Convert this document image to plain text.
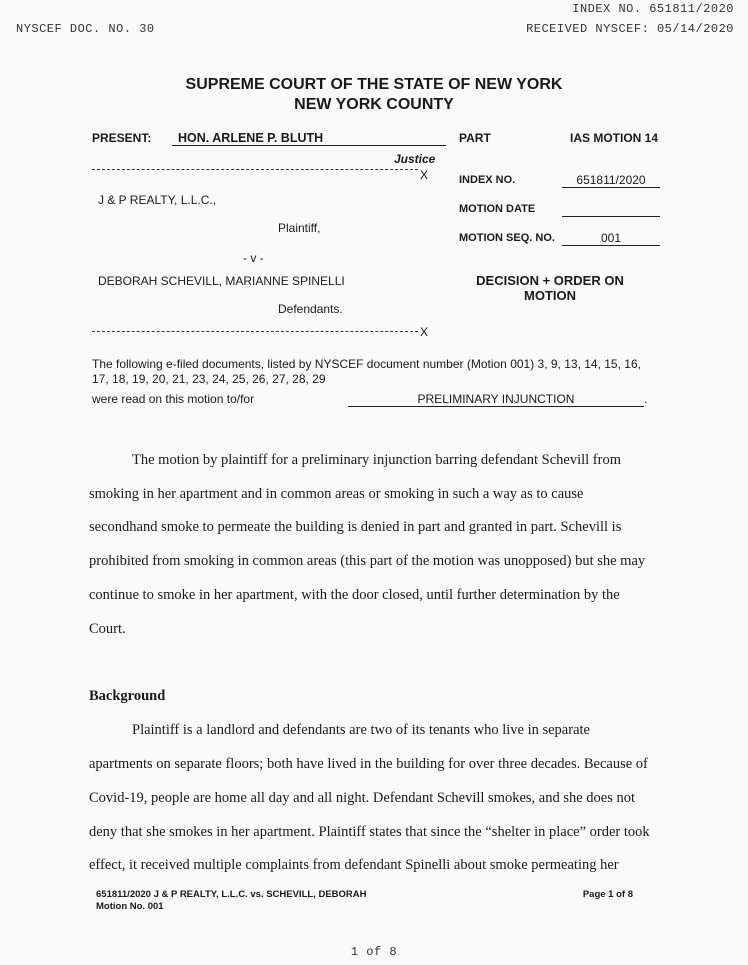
INDEX NO. 651811/2020
NYSCEF DOC. NO. 30	RECEIVED NYSCEF: 05/14/2020
SUPREME COURT OF THE STATE OF NEW YORK
NEW YORK COUNTY
PRESENT:	HON. ARLENE P. BLUTH
Justice
PART	IAS MOTION 14
X	INDEX NO.	651811/2020
J & P REALTY, L.L.C.,
Plaintiff,
MOTION DATE
MOTION SEQ. NO.	001
- v -
DEBORAH SCHEVILL, MARIANNE SPINELLI
Defendants.
DECISION + ORDER ON
MOTION
X
The following e-filed documents, listed by NYSCEF document number (Motion 001) 3, 9, 13, 14, 15, 16,
17, 18, 19, 20, 21, 23, 24, 25, 26, 27, 28, 29
were read on this motion to/for	PRELIMINARY INJUNCTION	.
The motion by plaintiff for a preliminary injunction barring defendant Schevill from
smoking in her apartment and in common areas or smoking in such a way as to cause
secondhand smoke to permeate the building is denied in part and granted in part. Schevill is
prohibited from smoking in common areas (this part of the motion was unopposed) but she may
continue to smoke in her apartment, with the door closed, until further determination by the
Court.
Background
Plaintiff is a landlord and defendants are two of its tenants who live in separate
apartments on separate floors; both have lived in the building for over three decades. Because of
Covid-19, people are home all day and all night. Defendant Schevill smokes, and she does not
deny that she smokes in her apartment. Plaintiff states that since the “shelter in place” order took
effect, it received multiple complaints from defendant Spinelli about smoke permeating her
651811/2020 J & P REALTY, L.L.C. vs. SCHEVILL, DEBORAH
Motion No. 001
Page 1 of 8
1 of 8
